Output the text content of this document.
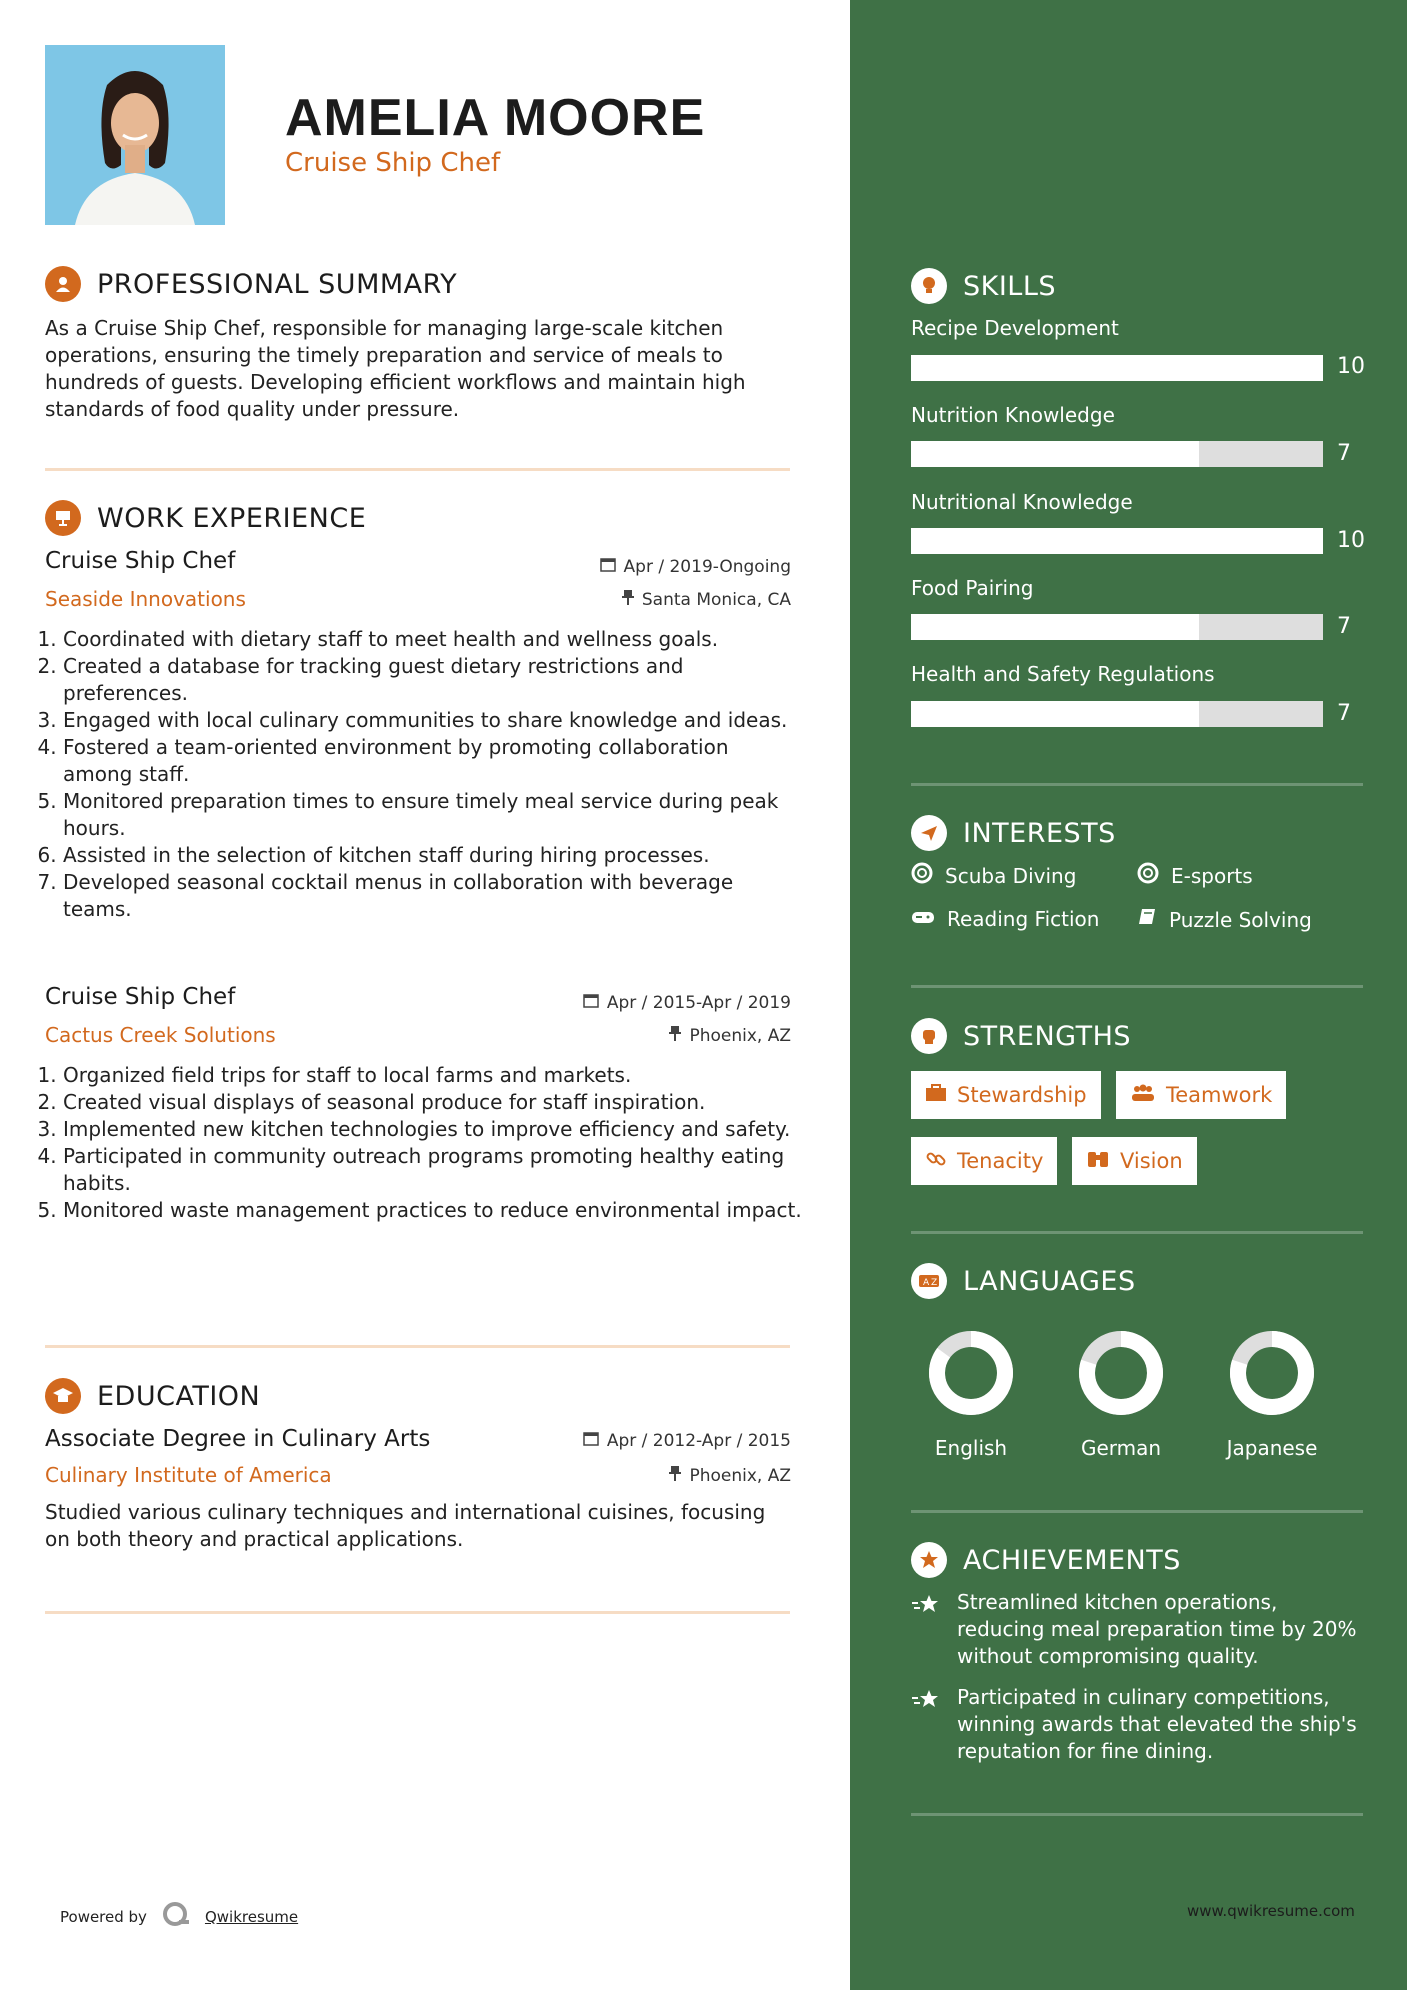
AMELIA MOORE
Cruise Ship Chef
PROFESSIONAL SUMMARY

As a Cruise Ship Chef, responsible for managing large-scale kitchen operations, ensuring the timely preparation and service of meals to hundreds of guests. Developing efficient workflows and maintain high standards of food quality under pressure.

WORK EXPERIENCE
Cruise Ship Chef	Apr / 2019-Ongoing
Seaside Innovations	Santa Monica, CA
1. Coordinated with dietary staff to meet health and wellness goals.
2. Created a database for tracking guest dietary restrictions and preferences.
3. Engaged with local culinary communities to share knowledge and ideas.
4. Fostered a team-oriented environment by promoting collaboration among staff.
5. Monitored preparation times to ensure timely meal service during peak hours.
6. Assisted in the selection of kitchen staff during hiring processes.
7. Developed seasonal cocktail menus in collaboration with beverage teams.
Cruise Ship Chef	Apr / 2015-Apr / 2019
Cactus Creek Solutions	Phoenix, AZ
1. Organized field trips for staff to local farms and markets.
2. Created visual displays of seasonal produce for staff inspiration.
3. Implemented new kitchen technologies to improve efficiency and safety.
4. Participated in community outreach programs promoting healthy eating habits.
5. Monitored waste management practices to reduce environmental impact.
EDUCATION
Associate Degree in Culinary Arts	Apr / 2012-Apr / 2015
Culinary Institute of America	Phoenix, AZ

Studied various culinary techniques and international cuisines, focusing on both theory and practical applications.

Powered by	Qwikresume
SKILLS
Recipe Development
10
Nutrition Knowledge
7
Nutritional Knowledge
10
Food Pairing
7
Health and Safety Regulations
7
INTERESTS
Scuba Diving	E-sports
Reading Fiction	Puzzle Solving
STRENGTHS
Stewardship	Teamwork
Tenacity	Vision
A Z LANGUAGES
English	German	Japanese
ACHIEVEMENTS
Streamlined kitchen operations, reducing meal preparation time by 20% without compromising quality.
Participated in culinary competitions, winning awards that elevated the ship's reputation for fine dining.
www.qwikresume.com
